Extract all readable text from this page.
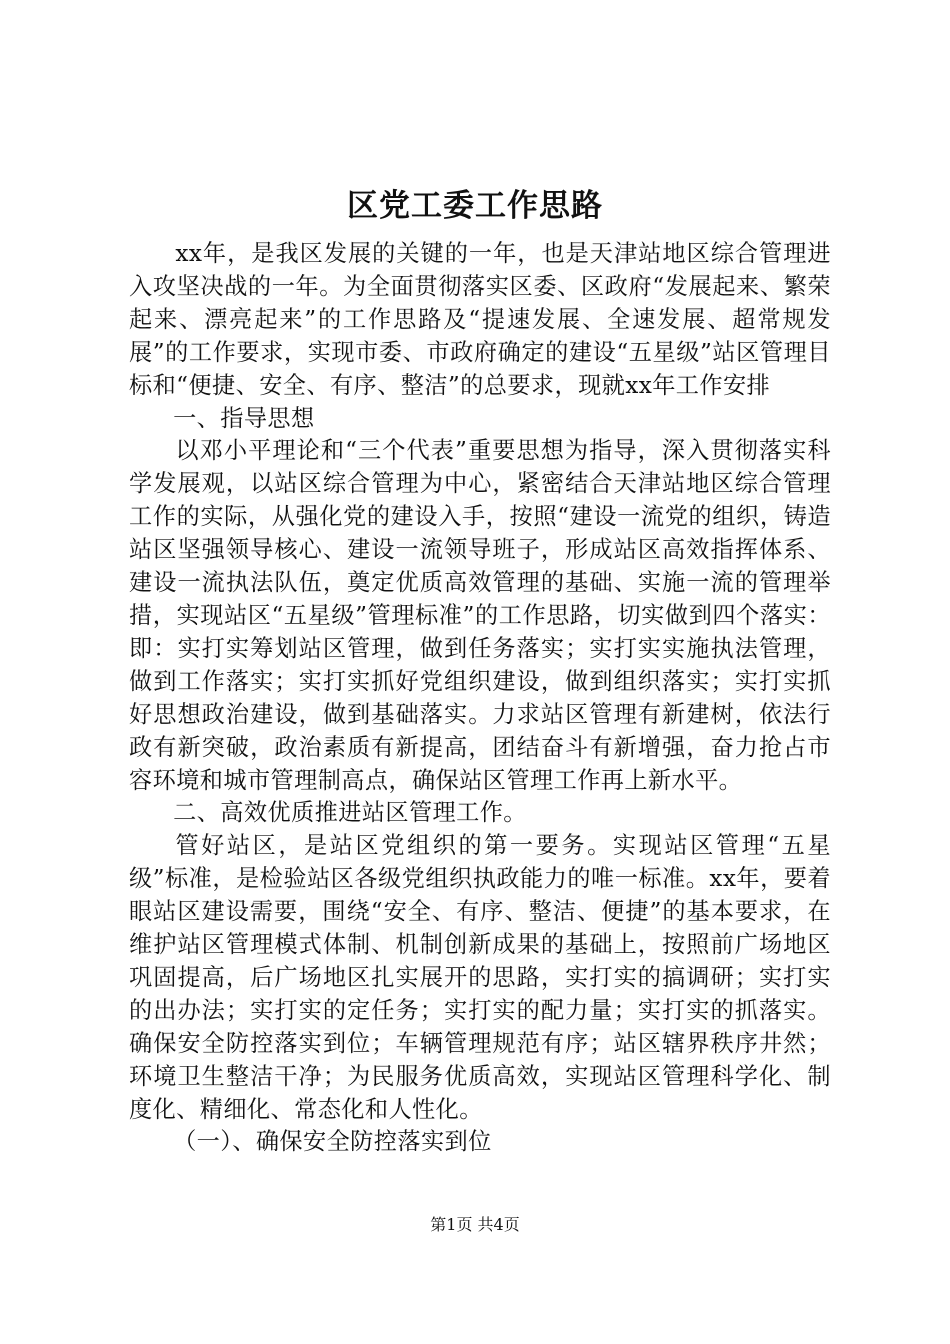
区党工委工作思路

xx年，是我区发展的关键的一年，也是天津站地区综合管理进入攻坚决战的一年。为全面贯彻落实区委、区政府“发展起来、繁荣起来、漂亮起来”的工作思路及“提速发展、全速发展、超常规发展”的工作要求，实现市委、市政府确定的建设“五星级”站区管理目标和“便捷、安全、有序、整洁”的总要求，现就xx年工作安排

一、指导思想

以邓小平理论和“三个代表”重要思想为指导，深入贯彻落实科学发展观，以站区综合管理为中心，紧密结合天津站地区综合管理工作的实际，从强化党的建设入手，按照“建设一流党的组织，铸造站区坚强领导核心、建设一流领导班子，形成站区高效指挥体系、建设一流执法队伍，奠定优质高效管理的基础、实施一流的管理举措，实现站区“五星级”管理标准”的工作思路，切实做到四个落实：即：实打实筹划站区管理，做到任务落实；实打实实施执法管理，做到工作落实；实打实抓好党组织建设，做到组织落实；实打实抓好思想政治建设，做到基础落实。力求站区管理有新建树，依法行政有新突破，政治素质有新提高，团结奋斗有新增强，奋力抢占市容环境和城市管理制高点，确保站区管理工作再上新水平。

二、高效优质推进站区管理工作。

管好站区，是站区党组织的第一要务。实现站区管理“五星级”标准，是检验站区各级党组织执政能力的唯一标准。xx年，要着眼站区建设需要，围绕“安全、有序、整洁、便捷”的基本要求，在维护站区管理模式体制、机制创新成果的基础上，按照前广场地区巩固提高，后广场地区扎实展开的思路，实打实的搞调研；实打实的出办法；实打实的定任务；实打实的配力量；实打实的抓落实。确保安全防控落实到位；车辆管理规范有序；站区辖界秩序井然；环境卫生整洁干净；为民服务优质高效，实现站区管理科学化、制度化、精细化、常态化和人性化。

（一）、确保安全防控落实到位

第1页 共4页
